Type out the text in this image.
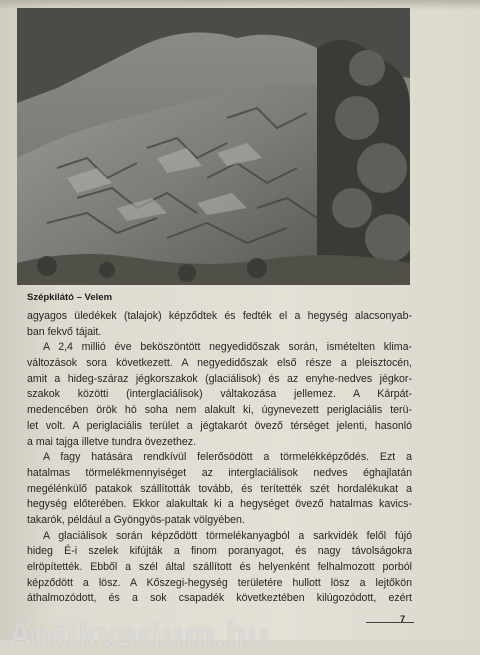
Szépkilátó – Velem
agyagos üledékek (talajok) képződtek és fedték el a hegység alacsonyab-
ban fekvő tájait.
A 2,4 millió éve beköszöntött negyedidőszak során, ismételten klima-
változások sora következett. A negyedidőszak első része a pleisztocén,
amit a hideg-száraz jégkorszakok (glaciálisok) és az enyhe-nedves jégkor-
szakok közötti (interglaciálisok) váltakozása jellemez. A Kárpát-
medencében örök hó soha nem alakult ki, úgynevezett periglaciális terü-
let volt. A periglaciális terület a jégtakarót övező térséget jelenti, hasonló
a mai tajga illetve tundra övezethez.
A fagy hatására rendkívül felerősödött a törmelékképződés. Ezt a
hatalmas törmelékmennyiséget az interglaciálisok nedves éghajlatán
megélénkülő patakok szállították tovább, és terítették szét hordalékukat a
hegység előterében. Ekkor alakultak ki a hegységet övező hatalmas kavics-
takarók, például a Gyöngyös-patak völgyében.
A glaciálisok során képződött törmelékanyagból a sarkvidék felől fújó
hideg É-i szelek kifújták a finom poranyagot, és nagy távolságokra
elröpítették. Ebből a szél által szállított és helyenként felhalmozott porból
képződött a lösz. A Kőszegi-hegység területére hullott lösz a lejtőkön
áthalmozódott, és a sok csapadék következtében kilúgozódott, ezért
7
Antikvarium.hu
